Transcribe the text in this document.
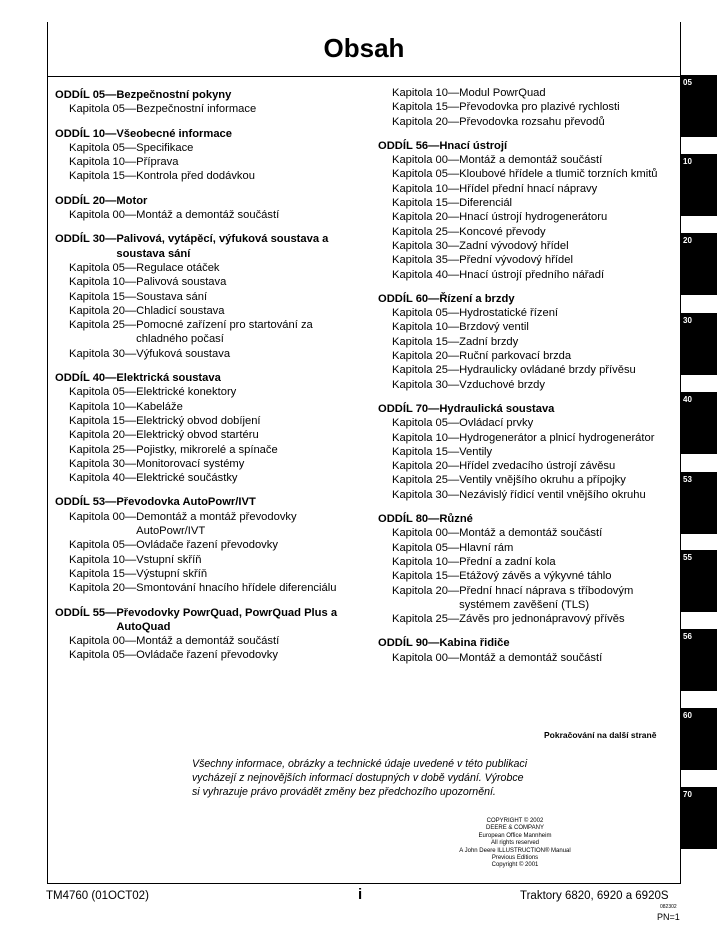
Obsah
ODDÍL 05— Bezpečnostní pokyny
Kapitola 05— Bezpečnostní informace
ODDÍL 10— Všeobecné informace
Kapitola 05— Specifikace
Kapitola 10— Příprava
Kapitola 15— Kontrola před dodávkou
ODDÍL 20— Motor
Kapitola 00— Montáž a demontáž součástí
ODDÍL 30— Palivová, vytápěcí, výfuková soustava a soustava sání
Kapitola 05— Regulace otáček
Kapitola 10— Palivová soustava
Kapitola 15— Soustava sání
Kapitola 20— Chladicí soustava
Kapitola 25— Pomocné zařízení pro startování za chladného počasí
Kapitola 30— Výfuková soustava
ODDÍL 40— Elektrická soustava
Kapitola 05— Elektrické konektory
Kapitola 10— Kabeláže
Kapitola 15— Elektrický obvod dobíjení
Kapitola 20— Elektrický obvod startéru
Kapitola 25— Pojistky, mikrorelé a spínače
Kapitola 30— Monitorovací systémy
Kapitola 40— Elektrické součástky
ODDÍL 53— Převodovka AutoPowr/IVT
Kapitola 00— Demontáž a montáž převodovky AutoPowr/IVT
Kapitola 05— Ovládače řazení převodovky
Kapitola 10— Vstupní skříň
Kapitola 15— Výstupní skříň
Kapitola 20— Smontování hnacího hřídele diferenciálu
ODDÍL 55— Převodovky PowrQuad, PowrQuad Plus a AutoQuad
Kapitola 00— Montáž a demontáž součástí
Kapitola 05— Ovládače řazení převodovky
Kapitola 10— Modul PowrQuad
Kapitola 15— Převodovka pro plazivé rychlosti
Kapitola 20— Převodovka rozsahu převodů
ODDÍL 56— Hnací ústrojí
Kapitola 00— Montáž a demontáž součástí
Kapitola 05— Kloubové hřídele a tlumič torzních kmitů
Kapitola 10— Hřídel přední hnací nápravy
Kapitola 15— Diferenciál
Kapitola 20— Hnací ústrojí hydrogenerátoru
Kapitola 25— Koncové převody
Kapitola 30— Zadní vývodový hřídel
Kapitola 35— Přední vývodový hřídel
Kapitola 40— Hnací ústrojí předního nářadí
ODDÍL 60— Řízení a brzdy
Kapitola 05— Hydrostatické řízení
Kapitola 10— Brzdový ventil
Kapitola 15— Zadní brzdy
Kapitola 20— Ruční parkovací brzda
Kapitola 25— Hydraulicky ovládané brzdy přívěsu
Kapitola 30— Vzduchové brzdy
ODDÍL 70— Hydraulická soustava
Kapitola 05— Ovládací prvky
Kapitola 10— Hydrogenerátor a plnicí hydrogenerátor
Kapitola 15— Ventily
Kapitola 20— Hřídel zvedacího ústrojí závěsu
Kapitola 25— Ventily vnějšího okruhu a přípojky
Kapitola 30— Nezávislý řídicí ventil vnějšího okruhu
ODDÍL 80— Různé
Kapitola 00— Montáž a demontáž součástí
Kapitola 05— Hlavní rám
Kapitola 10— Přední a zadní kola
Kapitola 15— Etážový závěs a výkyvné táhlo
Kapitola 20— Přední hnací náprava s tříbodovým systémem zavěšení (TLS)
Kapitola 25— Závěs pro jednonápravový přívěs
ODDÍL 90— Kabina řidiče
Kapitola 00— Montáž a demontáž součástí
Pokračování na další straně
Všechny informace, obrázky a technické údaje uvedené v této publikaci vycházejí z nejnovějších informací dostupných v době vydání. Výrobce si vyhrazuje právo provádět změny bez předchozího upozornění.
COPYRIGHT © 2002
DEERE & COMPANY
European Office Mannheim
All rights reserved
A John Deere ILLUSTRUCTION® Manual
Previous Editions
Copyright © 2001
05
10
20
30
40
53
55
56
60
70
TM4760 (01OCT02)	i	Traktory 6820, 6920 a 6920S
082302
PN=1
